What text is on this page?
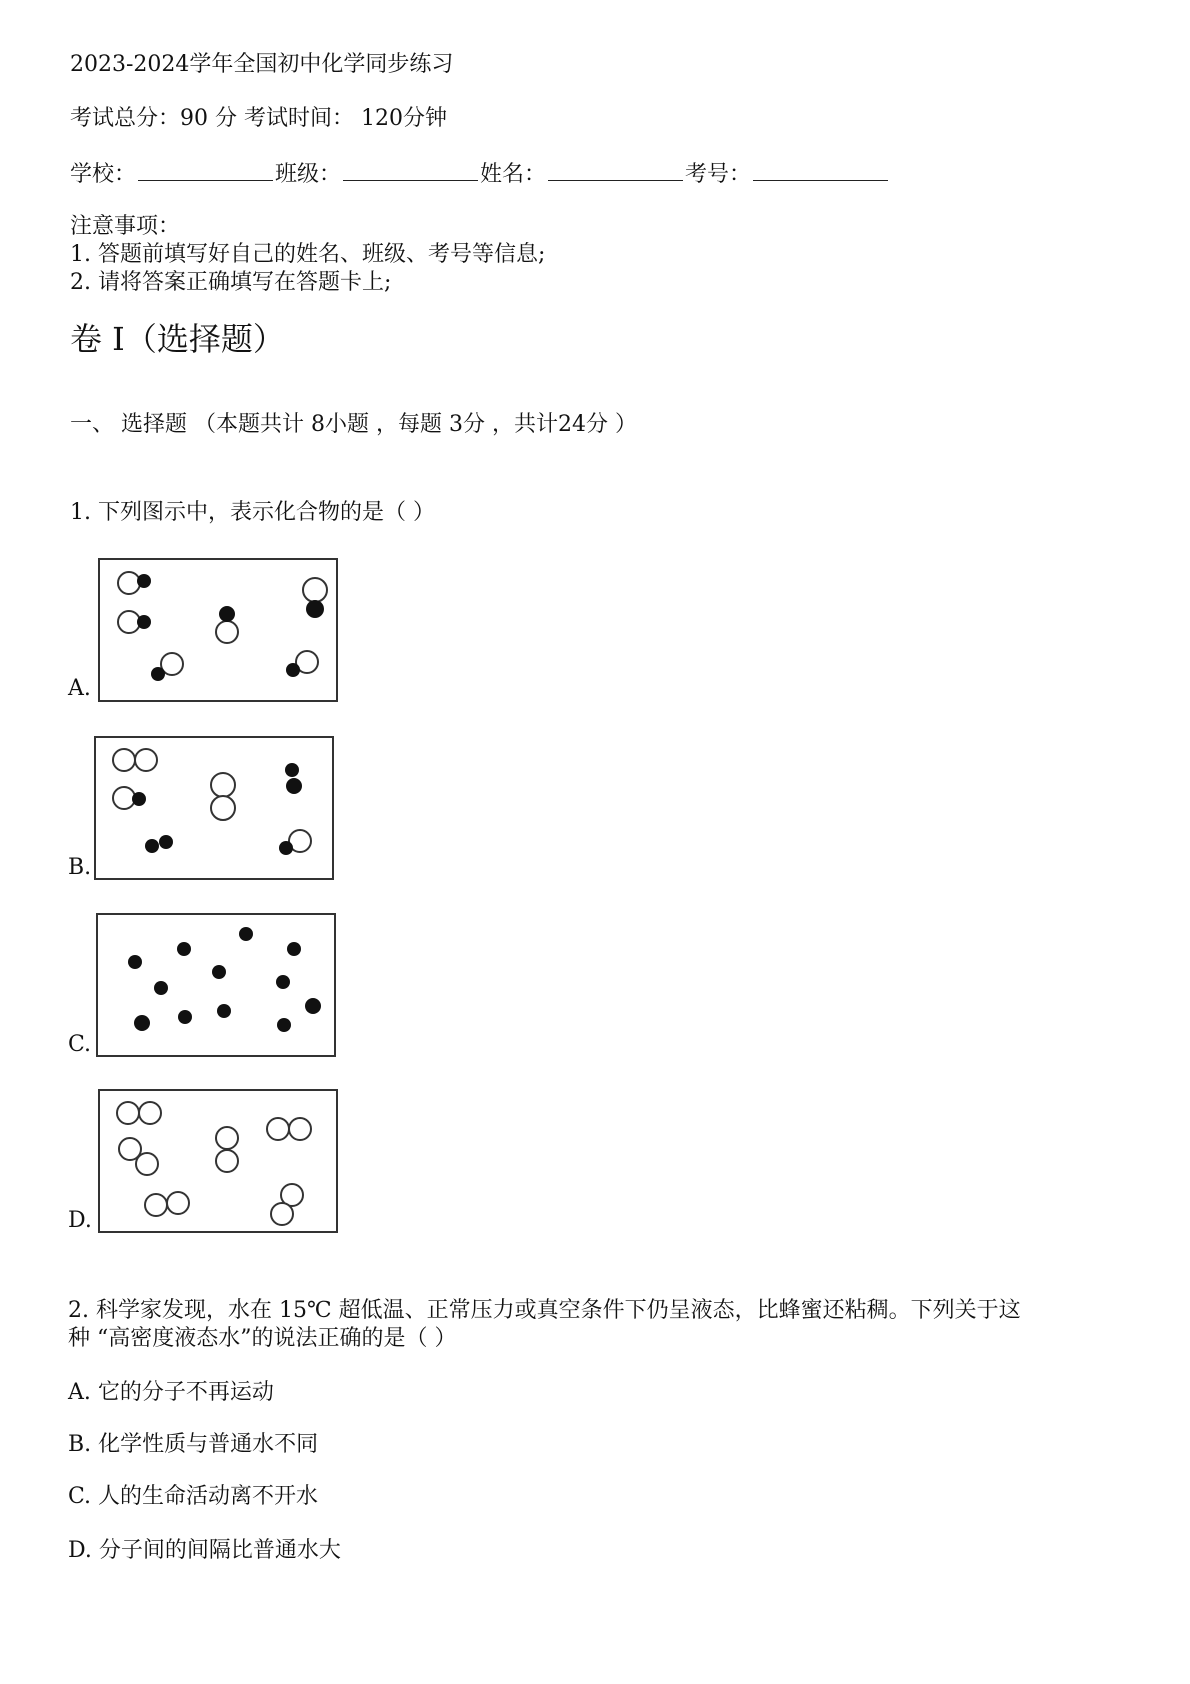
2023-2024学年全国初中化学同步练习
考试总分：90 分 考试时间： 120分钟
学校：	班级：	姓名：	考号：
注意事项：
1. 答题前填写好自己的姓名、班级、考号等信息;
2. 请将答案正确填写在答题卡上;
卷 I（选择题）
一、 选择题 （本题共计 8小题 ，每题 3分 ，共计24分 ）
1. 下列图示中，表示化合物的是（ ）
A.
B.
C.
D.
2. 科学家发现，水在 15℃ 超低温、正常压力或真空条件下仍呈液态，比蜂蜜还粘稠。下列关于这
种 “高密度液态水”的说法正确的是（ ）
A. 它的分子不再运动
B. 化学性质与普通水不同
C. 人的生命活动离不开水
D. 分子间的间隔比普通水大
